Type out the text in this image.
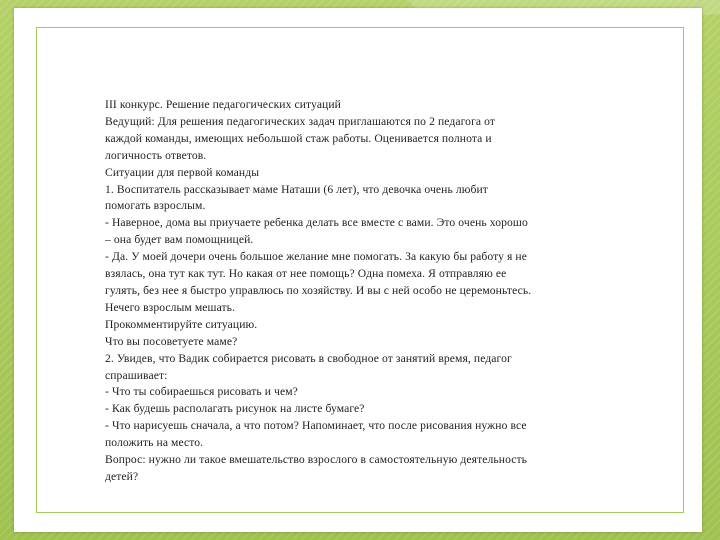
III конкурс. Решение педагогических ситуаций

Ведущий: Для решения педагогических задач приглашаются по 2 педагога от

каждой команды, имеющих небольшой стаж работы. Оценивается полнота и

логичность ответов.

Ситуации для первой команды

1. Воспитатель рассказывает маме Наташи (6 лет), что девочка очень любит

помогать взрослым.

- Наверное, дома вы приучаете ребенка делать все вместе с вами. Это очень хорошо

– она будет вам помощницей.

- Да. У моей дочери очень большое желание мне помогать. За какую бы работу я не

взялась, она тут как тут. Но какая от нее помощь? Одна помеха. Я отправляю ее

гулять, без нее я быстро управлюсь по хозяйству. И вы с ней особо не церемоньтесь.

Нечего взрослым мешать.

Прокомментируйте ситуацию.

Что вы посоветуете маме?

2. Увидев, что Вадик собирается рисовать в свободное от занятий время, педагог

спрашивает:

- Что ты собираешься рисовать и чем?

- Как будешь располагать рисунок на листе бумаге?

- Что нарисуешь сначала, а что потом? Напоминает, что после рисования нужно все

положить на место.

Вопрос: нужно ли такое вмешательство взрослого в самостоятельную деятельность

детей?
